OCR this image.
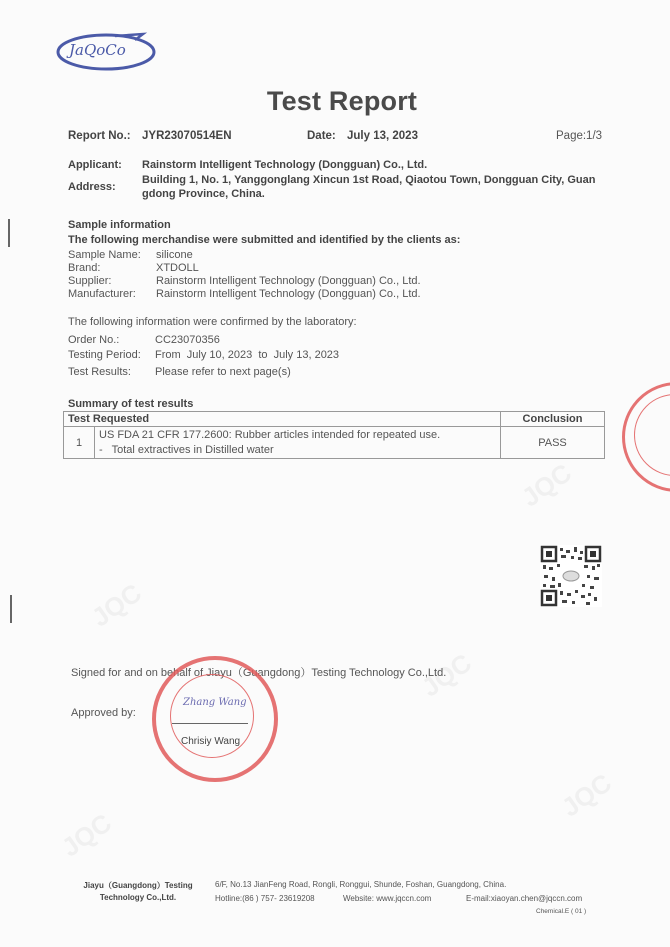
JQC
JQC
JQC
JQC
JQC
JaQoCo
Test Report
Report No.: JYR23070514EN	Date: July 13, 2023	Page:1/3
Applicant: Rainstorm Intelligent Technology (Dongguan) Co., Ltd.
Address:
Building 1, No. 1, Yanggonglang Xincun 1st Road, Qiaotou Town, Dongguan City, Guan
gdong Province, China.
Sample information
The following merchandise were submitted and identified by the clients as:
Sample Name: silicone
Brand:	XTDOLL
Supplier:	Rainstorm Intelligent Technology (Dongguan) Co., Ltd.
Manufacturer: Rainstorm Intelligent Technology (Dongguan) Co., Ltd.
The following information were confirmed by the laboratory:
Order No.:	CC23070356
Testing Period: From  July 10, 2023  to  July 13, 2023
Test Results: Please refer to next page(s)
Summary of test results
Test Requested		Conclusion
1	US FDA 21 CFR 177.2600: Rubber articles intended for repeated use.
-   Total extractives in Distilled water	PASS
Signed for and on behalf of Jiayu（Guangdong）Testing Technology Co.,Ltd.
Approved by:
Zhang Wang
Chrisiy Wang
Jiayu（Guangdong）Testing
Technology Co.,Ltd.
6/F, No.13 JianFeng Road, Rongli, Ronggui, Shunde, Foshan, Guangdong, China.
Hotline:(86 ) 757- 23619208	Website: www.jqccn.com	E-mail:xiaoyan.chen@jqccn.com
Chemical.E ( 01 )
